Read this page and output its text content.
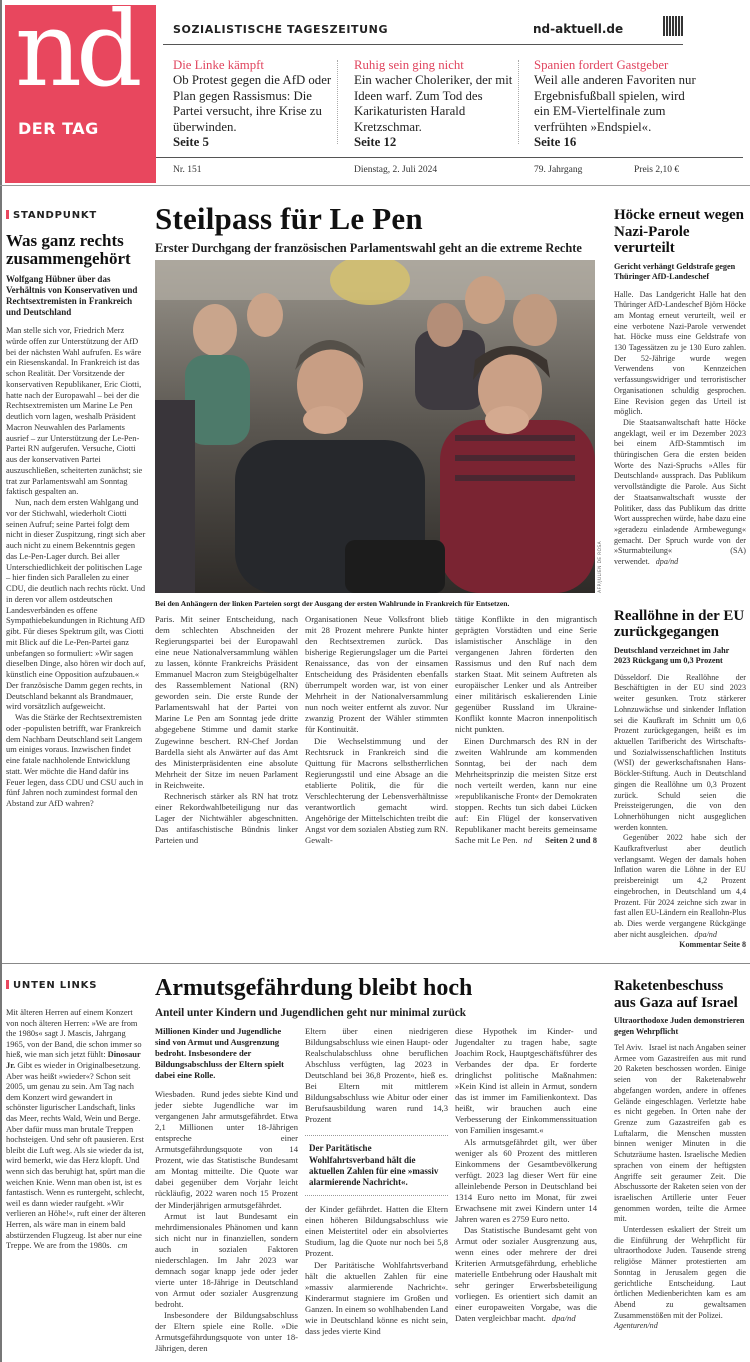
nd
DER TAG
SOZIALISTISCHE TAGESZEITUNG	nd-aktuell.de
Die Linke kämpft
Ob Protest gegen die AfD oder Plan gegen Rassismus: Die Partei versucht, ihre Krise zu überwinden.
Seite 5
Ruhig sein ging nicht
Ein wacher Choleriker, der mit Ideen warf. Zum Tod des Karikaturisten Harald Kretzschmar.
Seite 12
Spanien fordert Gastgeber
Weil alle anderen Favoriten nur Ergebnisfußball spielen, wird ein EM-Viertelfinale zum verfrühten »Endspiel«.
Seite 16
Nr. 151	Dienstag, 2. Juli 2024	79. Jahrgang	Preis 2,10 €
STANDPUNKT
Was ganz rechts zusammengehört
Wolfgang Hübner über das Verhältnis von Konservativen und Rechtsextremisten in Frankreich und Deutschland

Man stelle sich vor, Friedrich Merz würde offen zur Unterstützung der AfD bei der nächsten Wahl aufrufen. Es wäre ein Riesenskandal. In Frankreich ist das schon Realität. Der Vorsitzende der konservativen Republikaner, Eric Ciotti, hatte nach der Europawahl – bei der die Rechtsextremisten um Marine Le Pen deutlich vorn lagen, weshalb Präsident Macron Neuwahlen des Parlaments ausrief – zur Unterstützung der Le-Pen-Partei RN aufgerufen. Versuche, Ciotti aus der konservativen Partei auszuschließen, scheiterten zunächst; sie trat zur Parlamentswahl am Sonntag faktisch gespalten an.

Nun, nach dem ersten Wahlgang und vor der Stichwahl, wiederholt Ciotti seinen Aufruf; seine Partei folgt dem nicht in dieser Zuspitzung, ringt sich aber auch nicht zu einem Bekenntnis gegen das Le-Pen-Lager durch. Bei aller Unterschiedlichkeit der politischen Lage – hier finden sich Parallelen zu einer CDU, die deutlich nach rechts rückt. Und in deren vor allem ostdeutschen Landesverbänden es offene Sympathiebekundungen in Richtung AfD gibt. Für dieses Spektrum gilt, was Ciotti mit Blick auf die Le-Pen-Partei ganz unbefangen so formuliert: »Wir sagen dieselben Dinge, also hören wir doch auf, künstlich eine Opposition aufzubauen.« Der französische Damm gegen rechts, in Deutschland bekannt als Brandmauer, wird vorsätzlich aufgeweicht.

Was die Stärke der Rechtsextremisten oder -populisten betrifft, war Frankreich dem Nachbarn Deutschland seit Langem um einiges voraus. Inzwischen findet eine fatale nachholende Entwicklung statt. Wer möchte die Hand dafür ins Feuer legen, dass CDU und CSU auch in fünf Jahren noch zumindest formal den Abstand zur AfD wahren?

Steilpass für Le Pen
Erster Durchgang der französischen Parlamentswahl geht an die extreme Rechte
AFP/JULIEN DE ROSA
Bei den Anhängern der linken Parteien sorgt der Ausgang der ersten Wahlrunde in Frankreich für Entsetzen.

Paris. Mit seiner Entscheidung, nach dem schlechten Abschneiden der Regierungspartei bei der Europawahl eine neue Nationalversammlung wählen zu lassen, könnte Frankreichs Präsident Emmanuel Macron zum Steigbügelhalter des Rassemblement National (RN) geworden sein. Die erste Runde der Parlamentswahl hat der Partei von Marine Le Pen am Sonntag jede dritte abgegebene Stimme und damit starke Zugewinne beschert. RN-Chef Jordan Bardella sieht als Anwärter auf das Amt des Ministerpräsidenten eine absolute Mehrheit der Sitze im neuen Parlament in Reichweite.

Rechnerisch stärker als RN hat trotz einer Rekordwahlbeteiligung nur das Lager der Nichtwähler abgeschnitten. Das antifaschistische Bündnis linker Parteien und

Organisationen Neue Volksfront blieb mit 28 Prozent mehrere Punkte hinter den Rechtsextremen zurück. Das bisherige Regierungslager um die Partei Renaissance, das von der einsamen Entscheidung des Präsidenten ebenfalls überrumpelt worden war, ist von einer Mehrheit in der Nationalversammlung nun noch weiter entfernt als zuvor. Nur zwanzig Prozent der Wähler stimmten für Kontinuität.

Die Wechselstimmung und der Rechtsruck in Frankreich sind die Quittung für Macrons selbstherrlichen Regierungsstil und eine Absage an die etablierte Politik, die für die Verschlechterung der Lebensverhältnisse verantwortlich gemacht wird. Angehörige der Mittelschichten treibt die Angst vor dem sozialen Abstieg zum RN. Gewalt-

tätige Konflikte in den migrantisch geprägten Vorstädten und eine Serie islamistischer Anschläge in den vergangenen Jahren förderten den Rassismus und den Ruf nach dem starken Staat. Mit seinem Auftreten als europäischer Lenker und als Antreiber einer militärisch eskalierenden Linie gegenüber Russland im Ukraine-Konflikt konnte Macron innenpolitisch nicht punkten.

Einen Durchmarsch des RN in der zweiten Wahlrunde am kommenden Sonntag, bei der nach dem Mehrheitsprinzip die meisten Sitze erst noch verteilt werden, kann nur eine »republikanische Front« der Demokraten stoppen. Rechts tun sich dabei Lücken auf: Ein Flügel der konservativen Republikaner macht bereits gemeinsame Sache mit Le Pen. nd	Seiten 2 und 8

Höcke erneut wegen Nazi-Parole verurteilt
Gericht verhängt Geldstrafe gegen Thüringer AfD-Landeschef

Halle. Das Landgericht Halle hat den Thüringer AfD-Landeschef Björn Höcke am Montag erneut verurteilt, weil er eine verbotene Nazi-Parole verwendet hat. Höcke muss eine Geldstrafe von 130 Tagessätzen zu je 130 Euro zahlen. Der 52-Jährige wurde wegen Verwendens von Kennzeichen verfassungswidriger und terroristischer Organisationen schuldig gesprochen. Eine Revision gegen das Urteil ist möglich.

Die Staatsanwaltschaft hatte Höcke angeklagt, weil er im Dezember 2023 bei einem AfD-Stammtisch im thüringischen Gera die ersten beiden Worte des Nazi-Spruchs »Alles für Deutschland« aussprach. Das Publikum vervollständigte die Parole. Aus Sicht der Staatsanwaltschaft wusste der Politiker, dass das Publikum das dritte Wort aussprechen würde, habe dazu eine »geradezu einladende Armbewegung« gemacht. Der Spruch wurde von der »Sturmabteilung« (SA) verwendet. dpa/nd

Reallöhne in der EU zurückgegangen
Deutschland verzeichnet im Jahr 2023 Rückgang um 0,3 Prozent

Düsseldorf. Die Reallöhne der Beschäftigten in der EU sind 2023 weiter gesunken. Trotz stärkerer Lohnzuwächse und sinkender Inflation sei die Kaufkraft im Schnitt um 0,6 Prozent zurückgegangen, heißt es im aktuellen Tarifbericht des Wirtschafts- und Sozialwissenschaftlichen Instituts (WSI) der gewerkschaftsnahen Hans-Böckler-Stiftung. Auch in Deutschland gingen die Reallöhne um 0,3 Prozent zurück. Schuld seien die Preissteigerungen, die von den Lohnerhöhungen nicht ausgeglichen werden konnten.

Gegenüber 2022 habe sich der Kaufkraftverlust aber deutlich verlangsamt. Wegen der damals hohen Inflation waren die Löhne in der EU preisbereinigt um 4,2 Prozent eingebrochen, in Deutschland um 4,4 Prozent. Für 2024 zeichne sich zwar in fast allen EU-Ländern ein Reallohn-Plus ab. Dies werde vergangene Rückgänge aber nicht ausgleichen. dpa/nd

Kommentar Seite 8
UNTEN LINKS
Mit älteren Herren auf einem Konzert von noch älteren Herren: »We are from the 1980s« sagt J. Mascis, Jahrgang 1965, von der Band, die schon immer so hieß, wie man sich jetzt fühlt: Dinosaur Jr. Gibt es wieder in Originalbesetzung. Aber was heißt »wieder«? Schon seit 2005, um genau zu sein. Am Tag nach dem Konzert wird gewandert in schönster ligurischer Landschaft, links das Meer, rechts Wald, Wein und Berge. Aber dafür muss man brutale Treppen hochsteigen. Und sehr oft pausieren. Erst bleibt die Luft weg. Als sie wieder da ist, wird bemerkt, wie das Herz klopft. Und wenn sich das beruhigt hat, spürt man die weichen Knie. Wenn man oben ist, ist es fantastisch. Wenn es runtergeht, schlecht, weil es dann wieder raufgeht. »Wir verlieren an Höhe!«, ruft einer der älteren Herren, als wäre man in einem bald abstürzenden Flugzeug. Ist aber nur eine Treppe. We are from the 1980s. cm
Armutsgefährdung bleibt hoch
Anteil unter Kindern und Jugendlichen geht nur minimal zurück
Millionen Kinder und Jugendliche sind von Armut und Ausgrenzung bedroht. Insbesondere der Bildungsabschluss der Eltern spielt dabei eine Rolle.

Wiesbaden. Rund jedes siebte Kind und jeder siebte Jugendliche war im vergangenen Jahr armutsgefährdet. Etwa 2,1 Millionen unter 18-Jährigen entspreche einer Armutsgefährdungsquote von 14 Prozent, wie das Statistische Bundesamt am Montag mitteilte. Die Quote war dabei gegenüber dem Vorjahr leicht rückläufig, 2022 waren noch 15 Prozent der Minderjährigen armutsgefährdet.

Armut ist laut Bundesamt ein mehrdimensionales Phänomen und kann sich nicht nur in finanziellen, sondern auch in sozialen Faktoren niederschlagen. Im Jahr 2023 war demnach sogar knapp jede oder jeder vierte unter 18-Jährige in Deutschland von Armut oder sozialer Ausgrenzung bedroht.

Insbesondere der Bildungsabschluss der Eltern spiele eine Rolle. »Die Armutsgefährdungsquote von unter 18-Jährigen, deren

Eltern über einen niedrigeren Bildungsabschluss wie einen Haupt- oder Realschulabschluss ohne beruflichen Abschluss verfügten, lag 2023 in Deutschland bei 36,8 Prozent«, hieß es. Bei Eltern mit mittlerem Bildungsabschluss wie Abitur oder einer Berufsausbildung waren rund 14,3 Prozent

Der Paritätische Wohlfahrtsverband hält die aktuellen Zahlen für eine »massiv alarmierende Nachricht«.

der Kinder gefährdet. Hatten die Eltern einen höheren Bildungsabschluss wie einen Meistertitel oder ein absolviertes Studium, lag die Quote nur noch bei 5,8 Prozent.

Der Paritätische Wohlfahrtsverband hält die aktuellen Zahlen für eine »massiv alarmierende Nachricht«. Kinderarmut stagniere im Großen und Ganzen. In einem so wohlhabenden Land wie in Deutschland könne es nicht sein, dass jedes vierte Kind

diese Hypothek im Kinder- und Jugendalter zu tragen habe, sagte Joachim Rock, Hauptgeschäftsführer des Verbandes der dpa. Er forderte dringlichst politische Maßnahmen: »Kein Kind ist allein in Armut, sondern das ist immer im Familienkontext. Das heißt, wir brauchen auch eine Verbesserung der Einkommenssituation von Familien insgesamt.«

Als armutsgefährdet gilt, wer über weniger als 60 Prozent des mittleren Einkommens der Gesamtbevölkerung verfügt. 2023 lag dieser Wert für eine alleinlebende Person in Deutschland bei 1314 Euro netto im Monat, für zwei Erwachsene mit zwei Kindern unter 14 Jahren waren es 2759 Euro netto.

Das Statistische Bundesamt geht von Armut oder sozialer Ausgrenzung aus, wenn eines oder mehrere der drei Kriterien Armutsgefährdung, erhebliche materielle Entbehrung oder Haushalt mit sehr geringer Erwerbsbeteiligung vorliegen. Es orientiert sich damit an einer europaweiten Vorgabe, was die Daten vergleichbar macht. dpa/nd

Raketenbeschuss aus Gaza auf Israel
Ultraorthodoxe Juden demonstrieren gegen Wehrpflicht

Tel Aviv. Israel ist nach Angaben seiner Armee vom Gazastreifen aus mit rund 20 Raketen beschossen worden. Einige seien von der Raketenabwehr abgefangen worden, andere in offenes Gelände eingeschlagen. Verletzte habe es nicht gegeben. In Orten nahe der Grenze zum Gazastreifen gab es Luftalarm, die Menschen mussten binnen weniger Minuten in die Schutzräume hasten. Israelische Medien sprachen von einem der heftigsten Angriffe seit geraumer Zeit. Die Abschussorte der Raketen seien von der israelischen Artillerie unter Feuer genommen worden, teilte die Armee mit.

Unterdessen eskaliert der Streit um die Einführung der Wehrpflicht für ultraorthodoxe Juden. Tausende streng religiöse Männer protestierten am Sonntag in Jerusalem gegen die gerichtliche Entscheidung. Laut örtlichen Medienberichten kam es am Abend zu gewaltsamen Zusammenstößen mit der Polizei.

Agenturen/nd
